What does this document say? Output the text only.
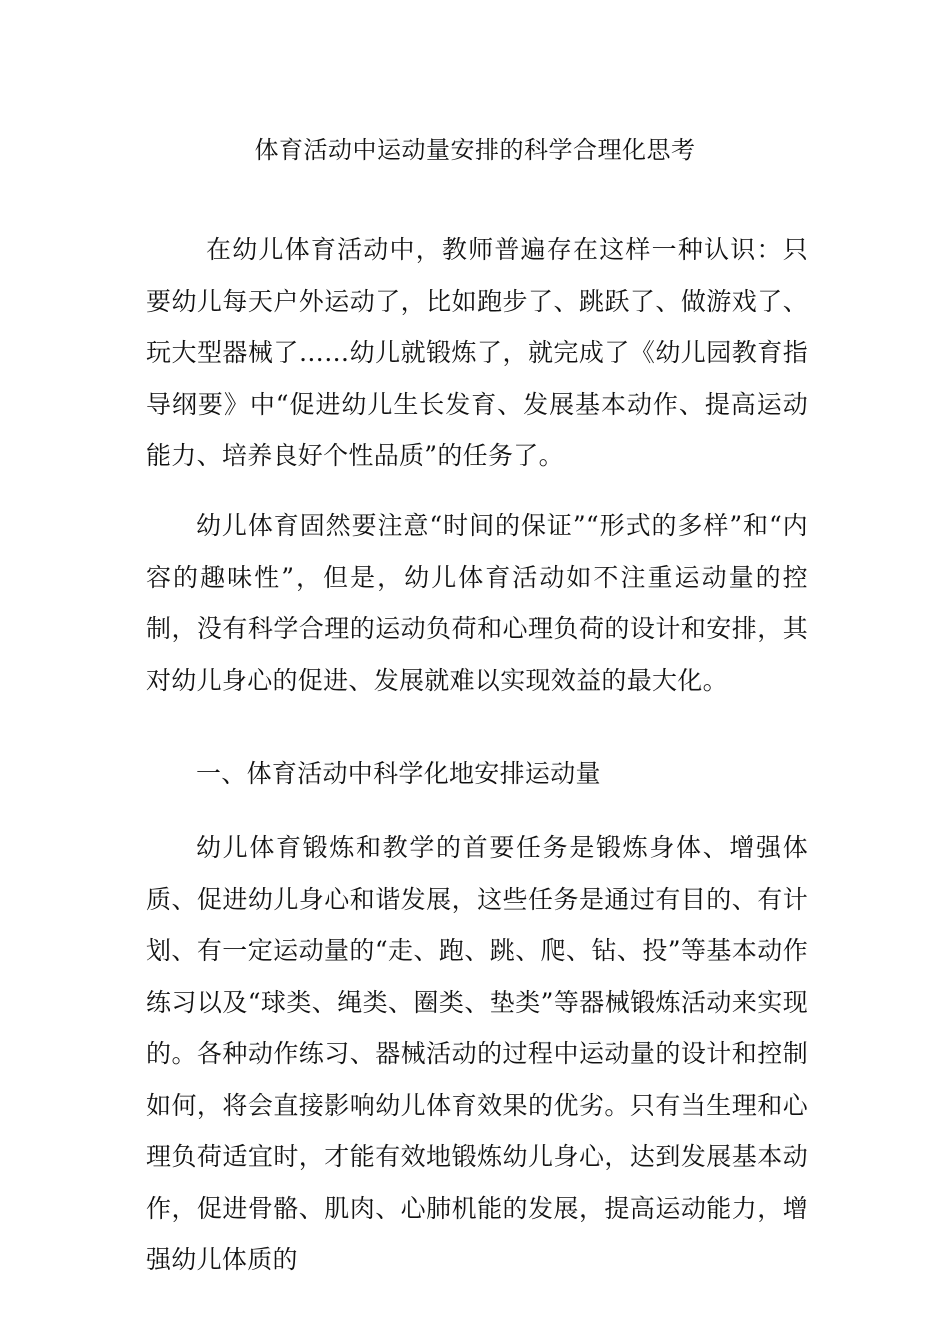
体育活动中运动量安排的科学合理化思考

在幼儿体育活动中，教师普遍存在这样一种认识：只要幼儿每天户外运动了，比如跑步了、跳跃了、做游戏了、玩大型器械了……幼儿就锻炼了，就完成了《幼儿园教育指导纲要》中“促进幼儿生长发育、发展基本动作、提高运动能力、培养良好个性品质”的任务了。

幼儿体育固然要注意“时间的保证”“形式的多样”和“内容的趣味性”，但是，幼儿体育活动如不注重运动量的控制，没有科学合理的运动负荷和心理负荷的设计和安排，其对幼儿身心的促进、发展就难以实现效益的最大化。

一、体育活动中科学化地安排运动量

幼儿体育锻炼和教学的首要任务是锻炼身体、增强体质、促进幼儿身心和谐发展，这些任务是通过有目的、有计划、有一定运动量的“走、跑、跳、爬、钻、投”等基本动作练习以及“球类、绳类、圈类、垫类”等器械锻炼活动来实现的。各种动作练习、器械活动的过程中运动量的设计和控制如何，将会直接影响幼儿体育效果的优劣。只有当生理和心理负荷适宜时，才能有效地锻炼幼儿身心，达到发展基本动作，促进骨骼、肌肉、心肺机能的发展，提高运动能力，增强幼儿体质的
